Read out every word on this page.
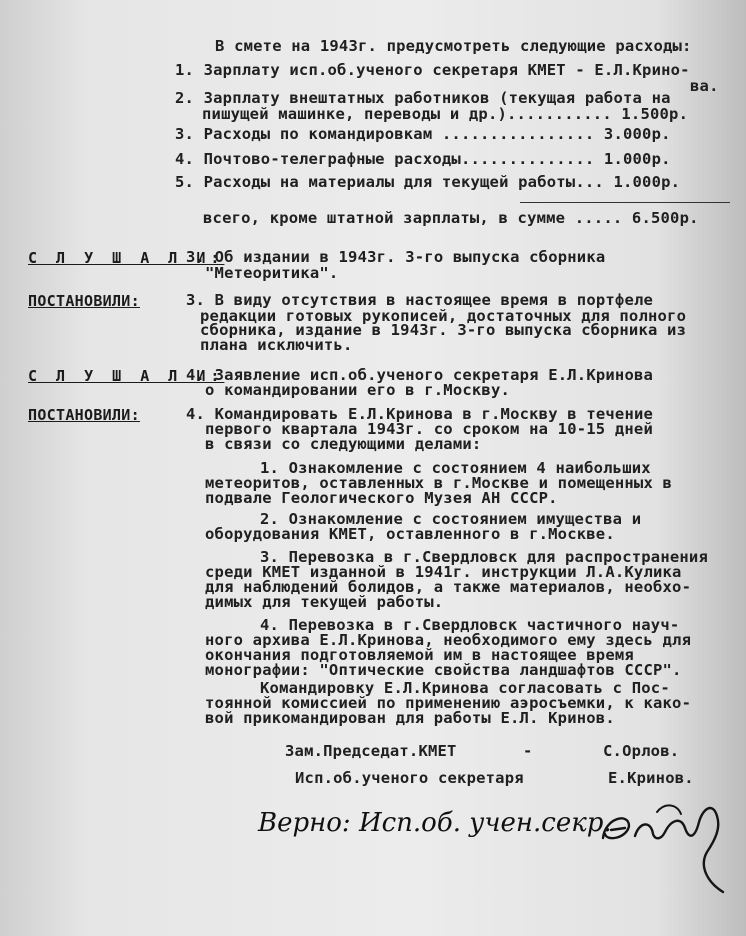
В смете на 1943г. предусмотреть следующие расходы:
1. Зарплату исп.об.ученого секретаря КМЕТ - Е.Л.Кринo-
ва.
2. Зарплату внештатных работников (текущая работа на
пишущей машинке, переводы и др.)........... 1.500р.
3. Расходы по командировкам ................ 3.000р.
4. Почтово-телеграфные расходы.............. 1.000р.
5. Расходы на материалы для текущей работы... 1.000р.
всего, кроме штатной зарплаты, в сумме ..... 6.500р.
С Л У Ш А Л И:
3. Об издании в 1943г. 3-го выпуска сборника
"Метеоритика".
ПОСТАНОВИЛИ:	3. В виду отсутствия в настоящее время в портфеле
редакции готовых рукописей, достаточных для полного
сборника, издание в 1943г. 3-го выпуска сборника из
плана исключить.
С Л У Ш А Л И:
4. Заявление исп.об.ученого секретаря Е.Л.Кринова
о командировании его в г.Москву.
ПОСТАНОВИЛИ:	4. Командировать Е.Л.Кринова в г.Москву в течение
первого квартала 1943г. со сроком на 10-15 дней
в связи со следующими делами:
1. Ознакомление с состоянием 4 наибольших
метеоритов, оставленных в г.Москве и помещенных в
подвале Геологического Музея АН СССР.
2. Ознакомление с состоянием имущества и
оборудования КМЕТ, оставленного в г.Москве.
3. Перевозка в г.Свердловск для распространения
среди КМЕТ изданной в 1941г. инструкции Л.А.Кулика
для наблюдений болидов, а также материалов, необхо-
димых для текущей работы.
4. Перевозка в г.Свердловск частичного науч-
ного архива Е.Л.Кринова, необходимого ему здесь для
окончания подготовляемой им в настоящее время
монографии: "Оптические свойства ландшафтов СССР".
Командировку Е.Л.Кринова согласовать с Пос-
тоянной комиссией по применению аэросъемки, к како-
вой прикомандирован для работы Е.Л. Кринов.
Зам.Председат.КМЕТ	-	С.Орлов.
Исп.об.ученого секретаря	Е.Кринов.
Верно: Исп.об. учен.секр.
